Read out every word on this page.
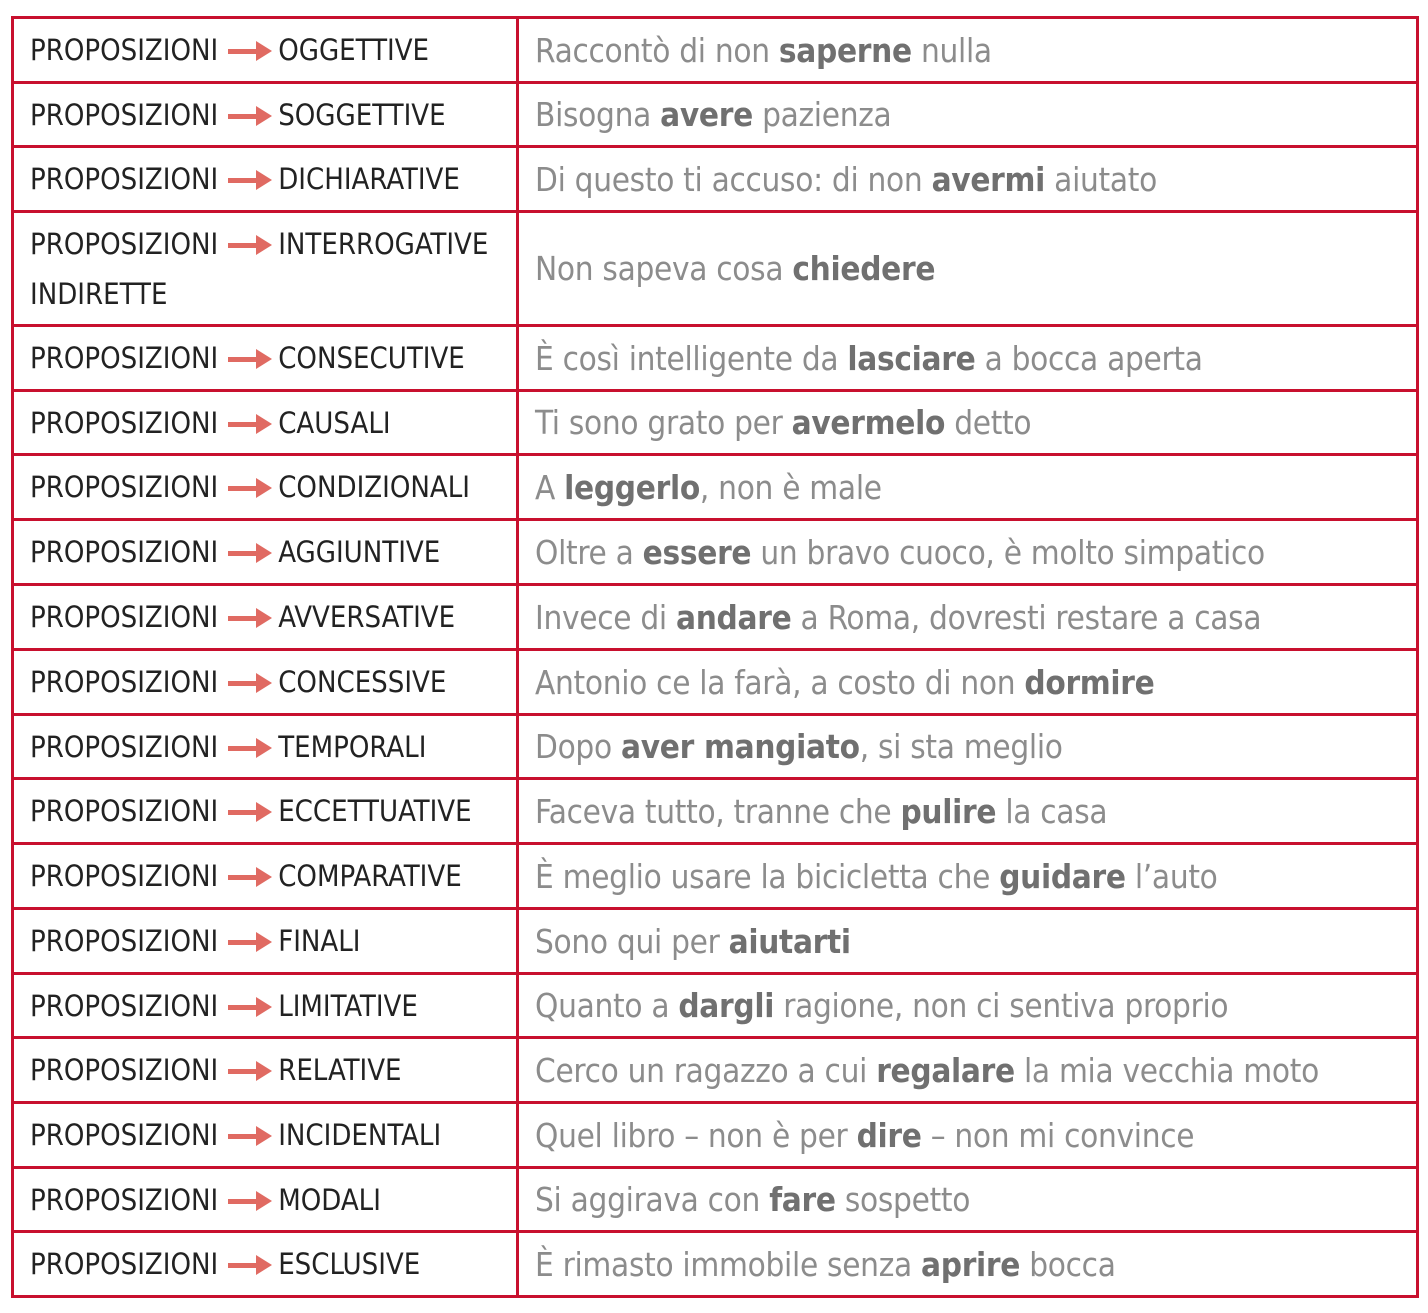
PROPOSIZIONI OGGETTIVE	Raccontò di non saperne nulla
PROPOSIZIONI SOGGETTIVE	Bisogna avere pazienza
PROPOSIZIONI DICHIARATIVE	Di questo ti accuso: di non avermi aiutato
PROPOSIZIONI INTERROGATIVE INDIRETTE	Non sapeva cosa chiedere
PROPOSIZIONI CONSECUTIVE	È così intelligente da lasciare a bocca aperta
PROPOSIZIONI CAUSALI	Ti sono grato per avermelo detto
PROPOSIZIONI CONDIZIONALI	A leggerlo, non è male
PROPOSIZIONI AGGIUNTIVE	Oltre a essere un bravo cuoco, è molto simpatico
PROPOSIZIONI AVVERSATIVE	Invece di andare a Roma, dovresti restare a casa
PROPOSIZIONI CONCESSIVE	Antonio ce la farà, a costo di non dormire
PROPOSIZIONI TEMPORALI	Dopo aver mangiato, si sta meglio
PROPOSIZIONI ECCETTUATIVE	Faceva tutto, tranne che pulire la casa
PROPOSIZIONI COMPARATIVE	È meglio usare la bicicletta che guidare l’auto
PROPOSIZIONI FINALI	Sono qui per aiutarti
PROPOSIZIONI LIMITATIVE	Quanto a dargli ragione, non ci sentiva proprio
PROPOSIZIONI RELATIVE	Cerco un ragazzo a cui regalare la mia vecchia moto
PROPOSIZIONI INCIDENTALI	Quel libro – non è per dire – non mi convince
PROPOSIZIONI MODALI	Si aggirava con fare sospetto
PROPOSIZIONI ESCLUSIVE	È rimasto immobile senza aprire bocca
